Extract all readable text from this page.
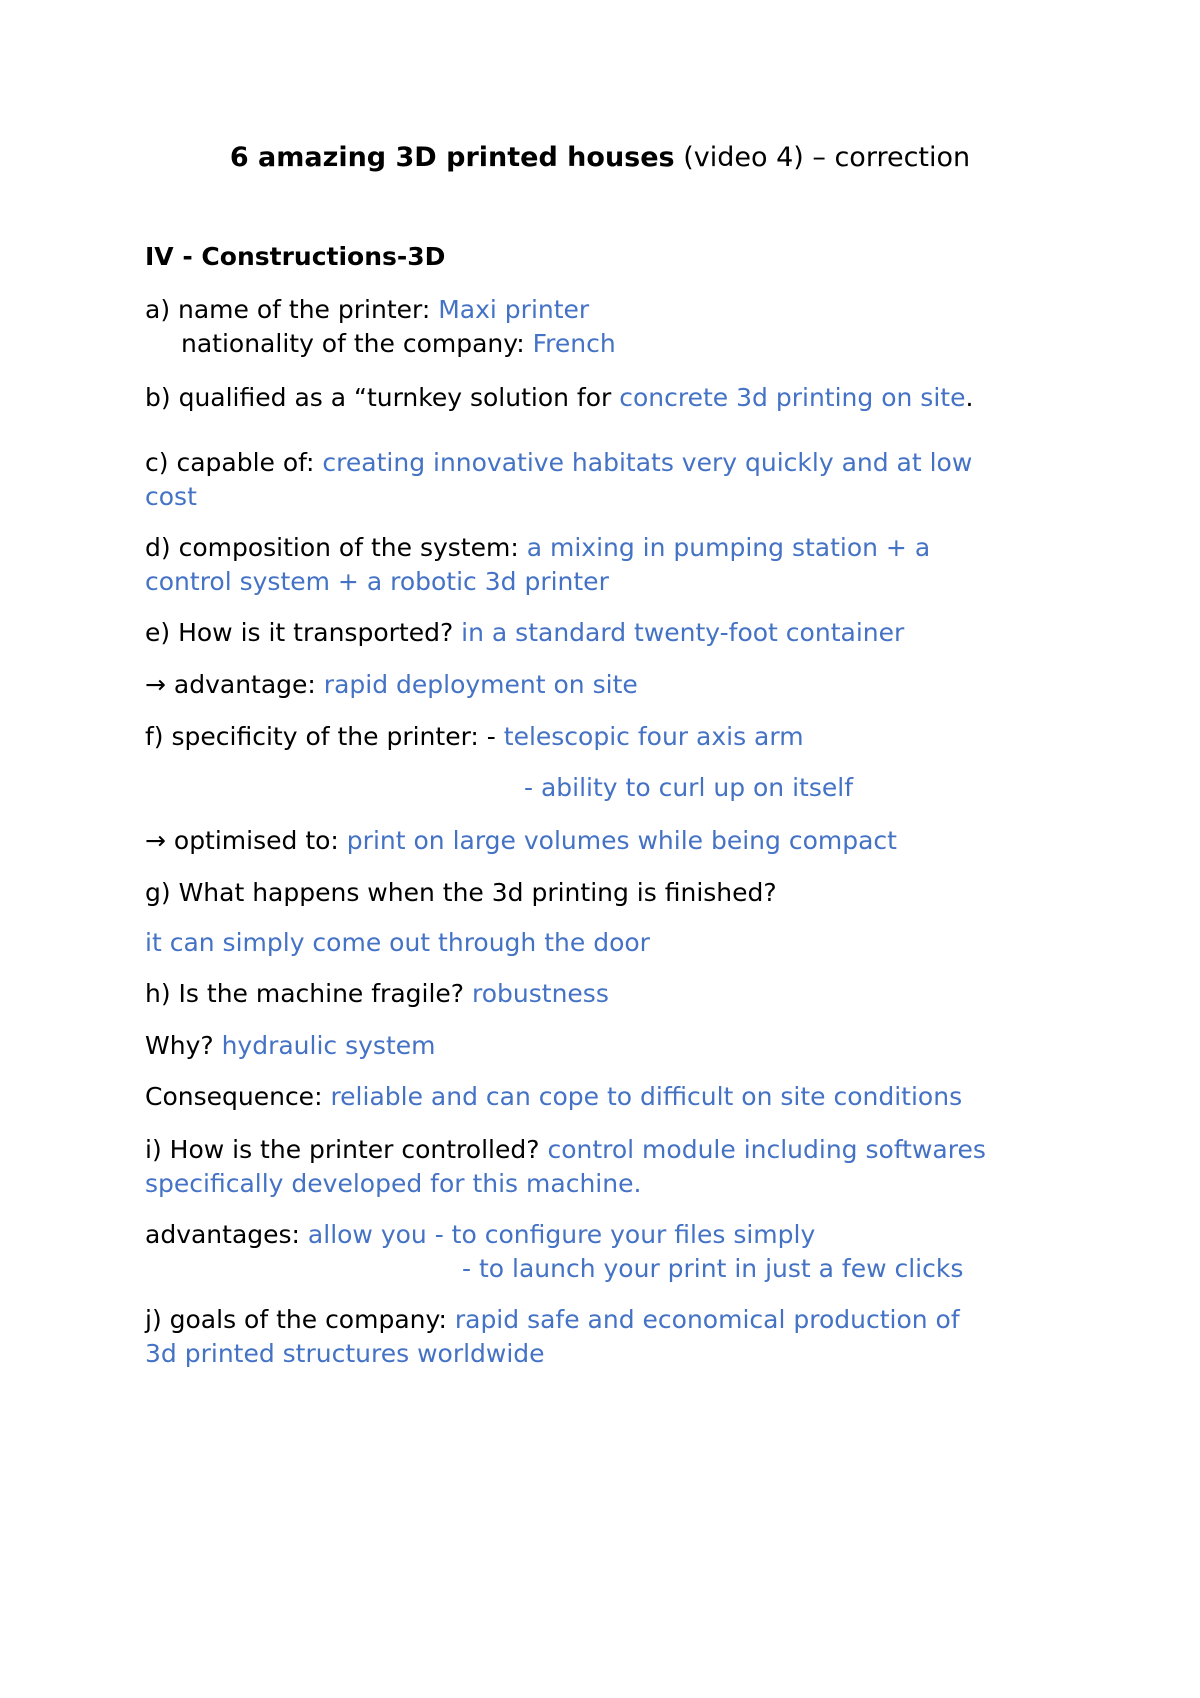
6 amazing 3D printed houses (video 4) – correction
IV - Constructions-3D
a) name of the printer: Maxi printer
nationality of the company: French
b) qualified as a “turnkey solution for concrete 3d printing on site.
c) capable of: creating innovative habitats very quickly and at low
cost
d) composition of the system: a mixing in pumping station + a
control system + a robotic 3d printer
e) How is it transported? in a standard twenty-foot container
→ advantage: rapid deployment on site
f) specificity of the printer: - telescopic four axis arm
- ability to curl up on itself
→ optimised to: print on large volumes while being compact
g) What happens when the 3d printing is finished?
it can simply come out through the door
h) Is the machine fragile? robustness
Why? hydraulic system
Consequence: reliable and can cope to difficult on site conditions
i) How is the printer controlled? control module including softwares
specifically developed for this machine.
advantages: allow you - to configure your files simply
- to launch your print in just a few clicks
j) goals of the company: rapid safe and economical production of
3d printed structures worldwide
